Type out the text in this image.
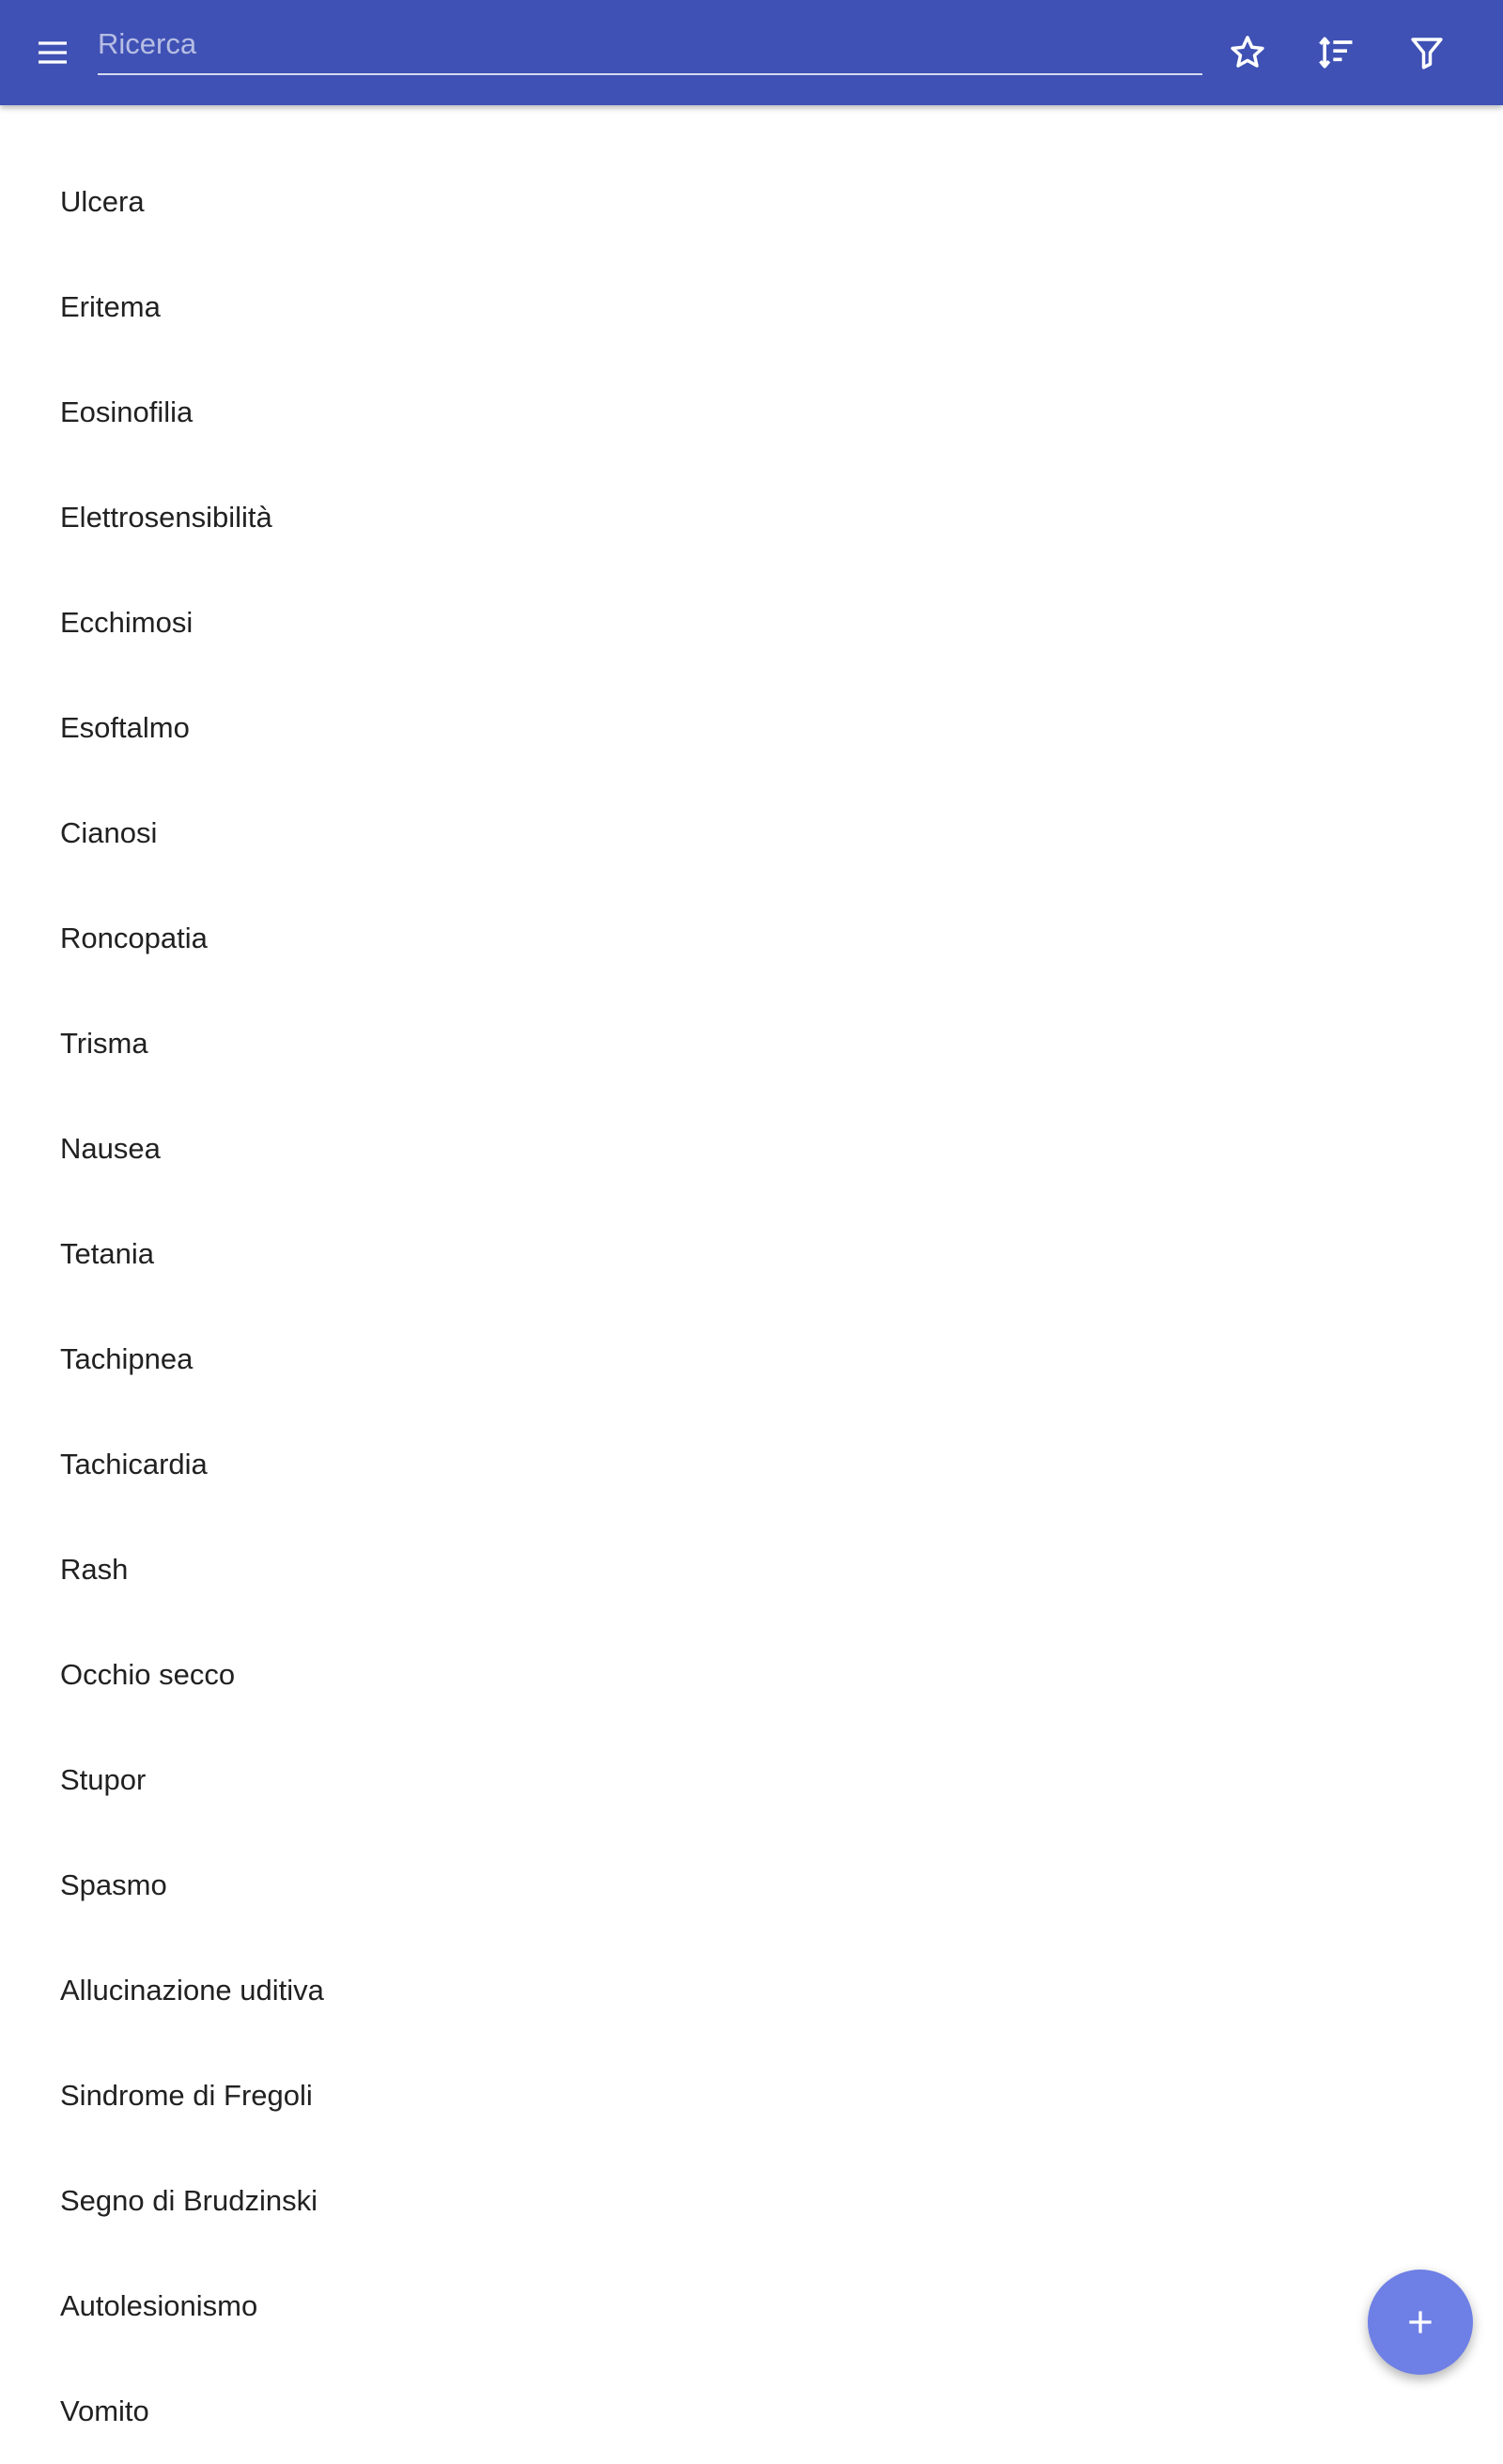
Ricerca
Ulcera
Eritema
Eosinofilia
Elettrosensibilità
Ecchimosi
Esoftalmo
Cianosi
Roncopatia
Trisma
Nausea
Tetania
Tachipnea
Tachicardia
Rash
Occhio secco
Stupor
Spasmo
Allucinazione uditiva
Sindrome di Fregoli
Segno di Brudzinski
Autolesionismo
Vomito
